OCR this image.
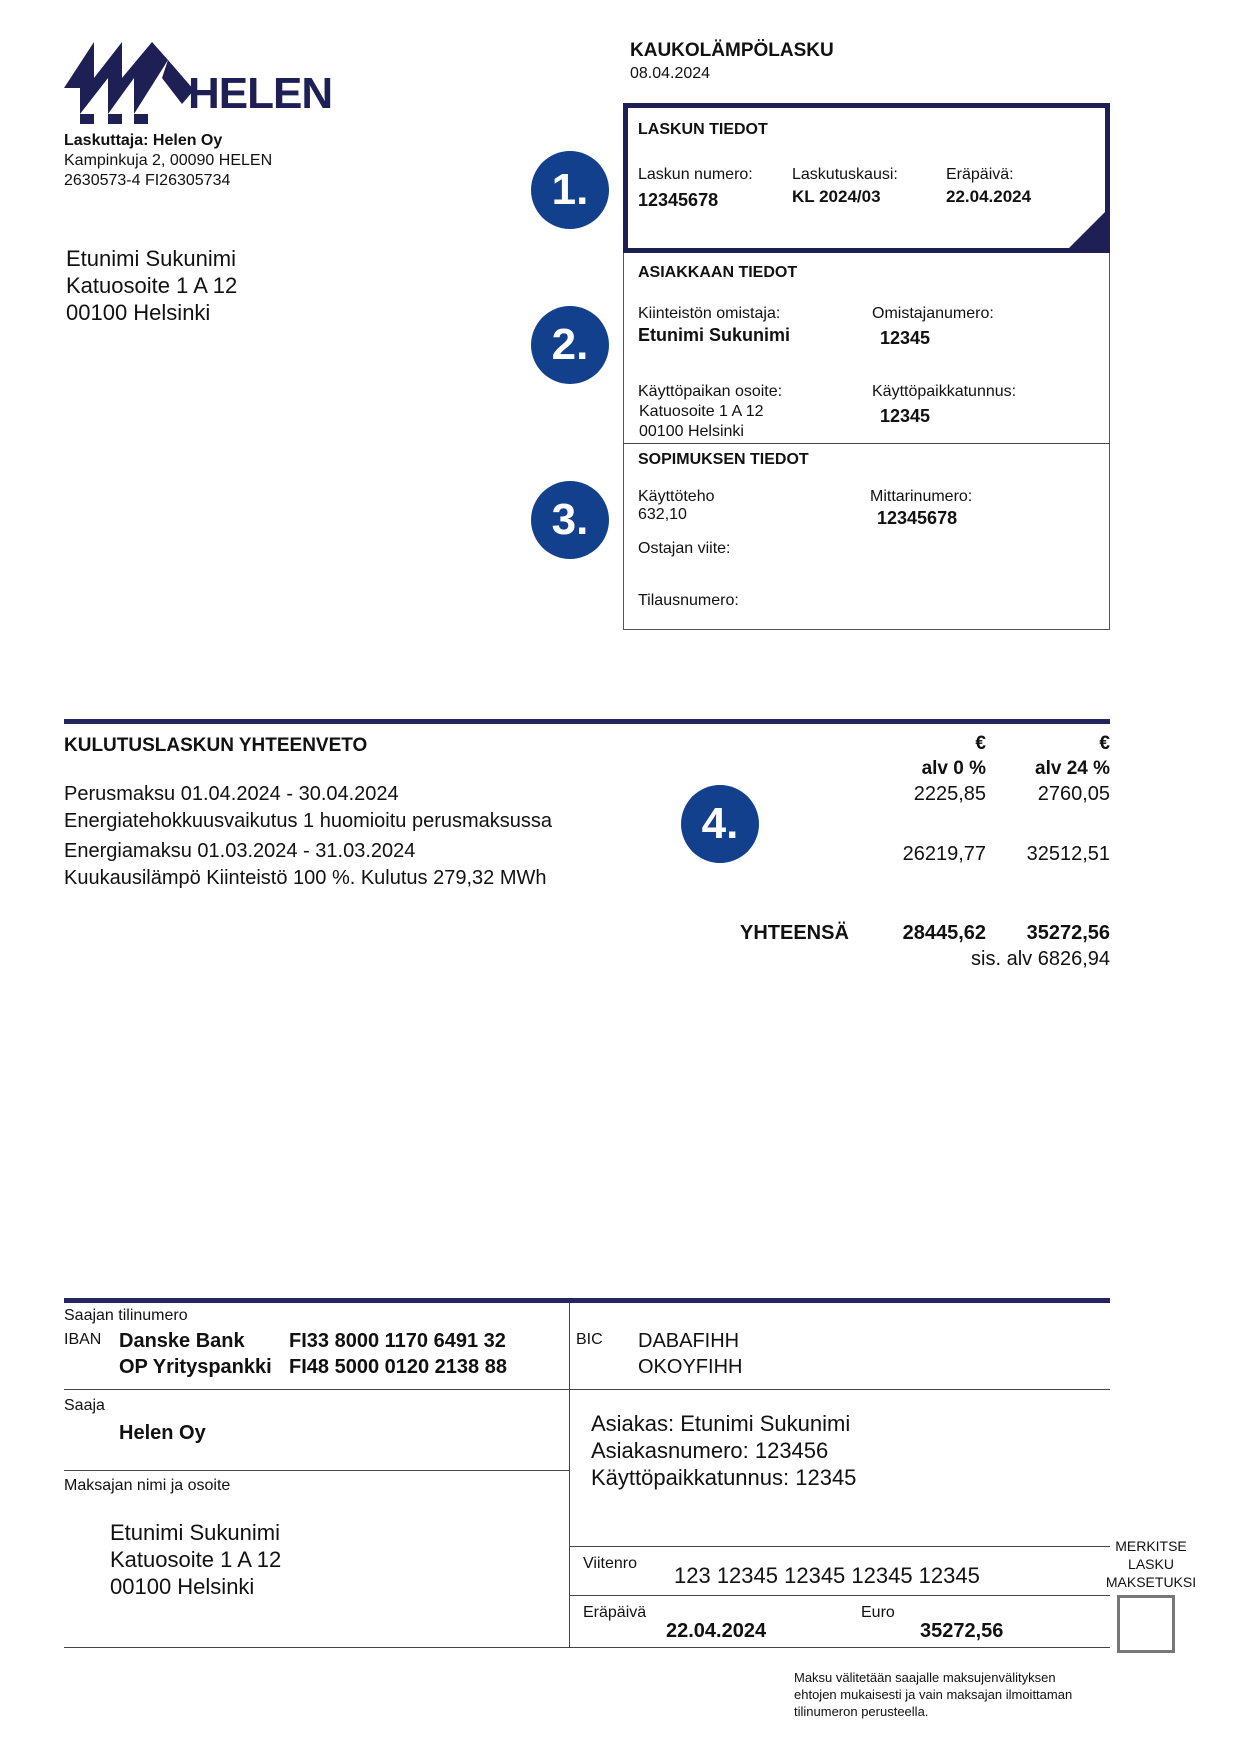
HELEN
Laskuttaja: Helen Oy
Kampinkuja 2, 00090 HELEN
2630573-4 FI26305734
Etunimi Sukunimi
Katuosoite 1 A 12
00100 Helsinki
KAUKOLÄMPÖLASKU
08.04.2024
1.
2.
3.
4.
LASKUN TIEDOT
Laskun numero:
12345678
Laskutuskausi:
KL 2024/03
Eräpäivä:
22.04.2024
ASIAKKAAN TIEDOT
Kiinteistön omistaja:
Etunimi Sukunimi
Omistajanumero:
12345
Käyttöpaikan osoite:
Katuosoite 1 A 12
00100 Helsinki
Käyttöpaikkatunnus:
12345
SOPIMUKSEN TIEDOT
Käyttöteho
632,10
Mittarinumero:
12345678
Ostajan viite:
Tilausnumero:
KULUTUSLASKUN YHTEENVETO	€	€
alv 0 %	alv 24 %
Perusmaksu 01.04.2024 - 30.04.2024
Energiatehokkuusvaikutus 1 huomioitu perusmaksussa
2225,85	2760,05
Energiamaksu 01.03.2024 - 31.03.2024
Kuukausilämpö Kiinteistö 100 %. Kulutus 279,32 MWh
26219,77	32512,51
YHTEENSÄ	28445,62	35272,56
sis. alv 6826,94
Saajan tilinumero
IBAN Danske Bank FI33 8000 1170 6491 32
OP Yrityspankki FI48 5000 0120 2138 88
BIC DABAFIHH
OKOYFIHH
Saaja
Helen Oy	Asiakas: Etunimi Sukunimi
Asiakasnumero: 123456
Käyttöpaikkatunnus: 12345
Maksajan nimi ja osoite
Etunimi Sukunimi
Katuosoite 1 A 12
00100 Helsinki
Viitenro 123 12345 12345 12345 12345
Eräpäivä
22.04.2024
Euro
35272,56
MERKITSE
LASKU
MAKSETUKSI
Maksu välitetään saajalle maksujenvälityksen
ehtojen mukaisesti ja vain maksajan ilmoittaman
tilinumeron perusteella.
